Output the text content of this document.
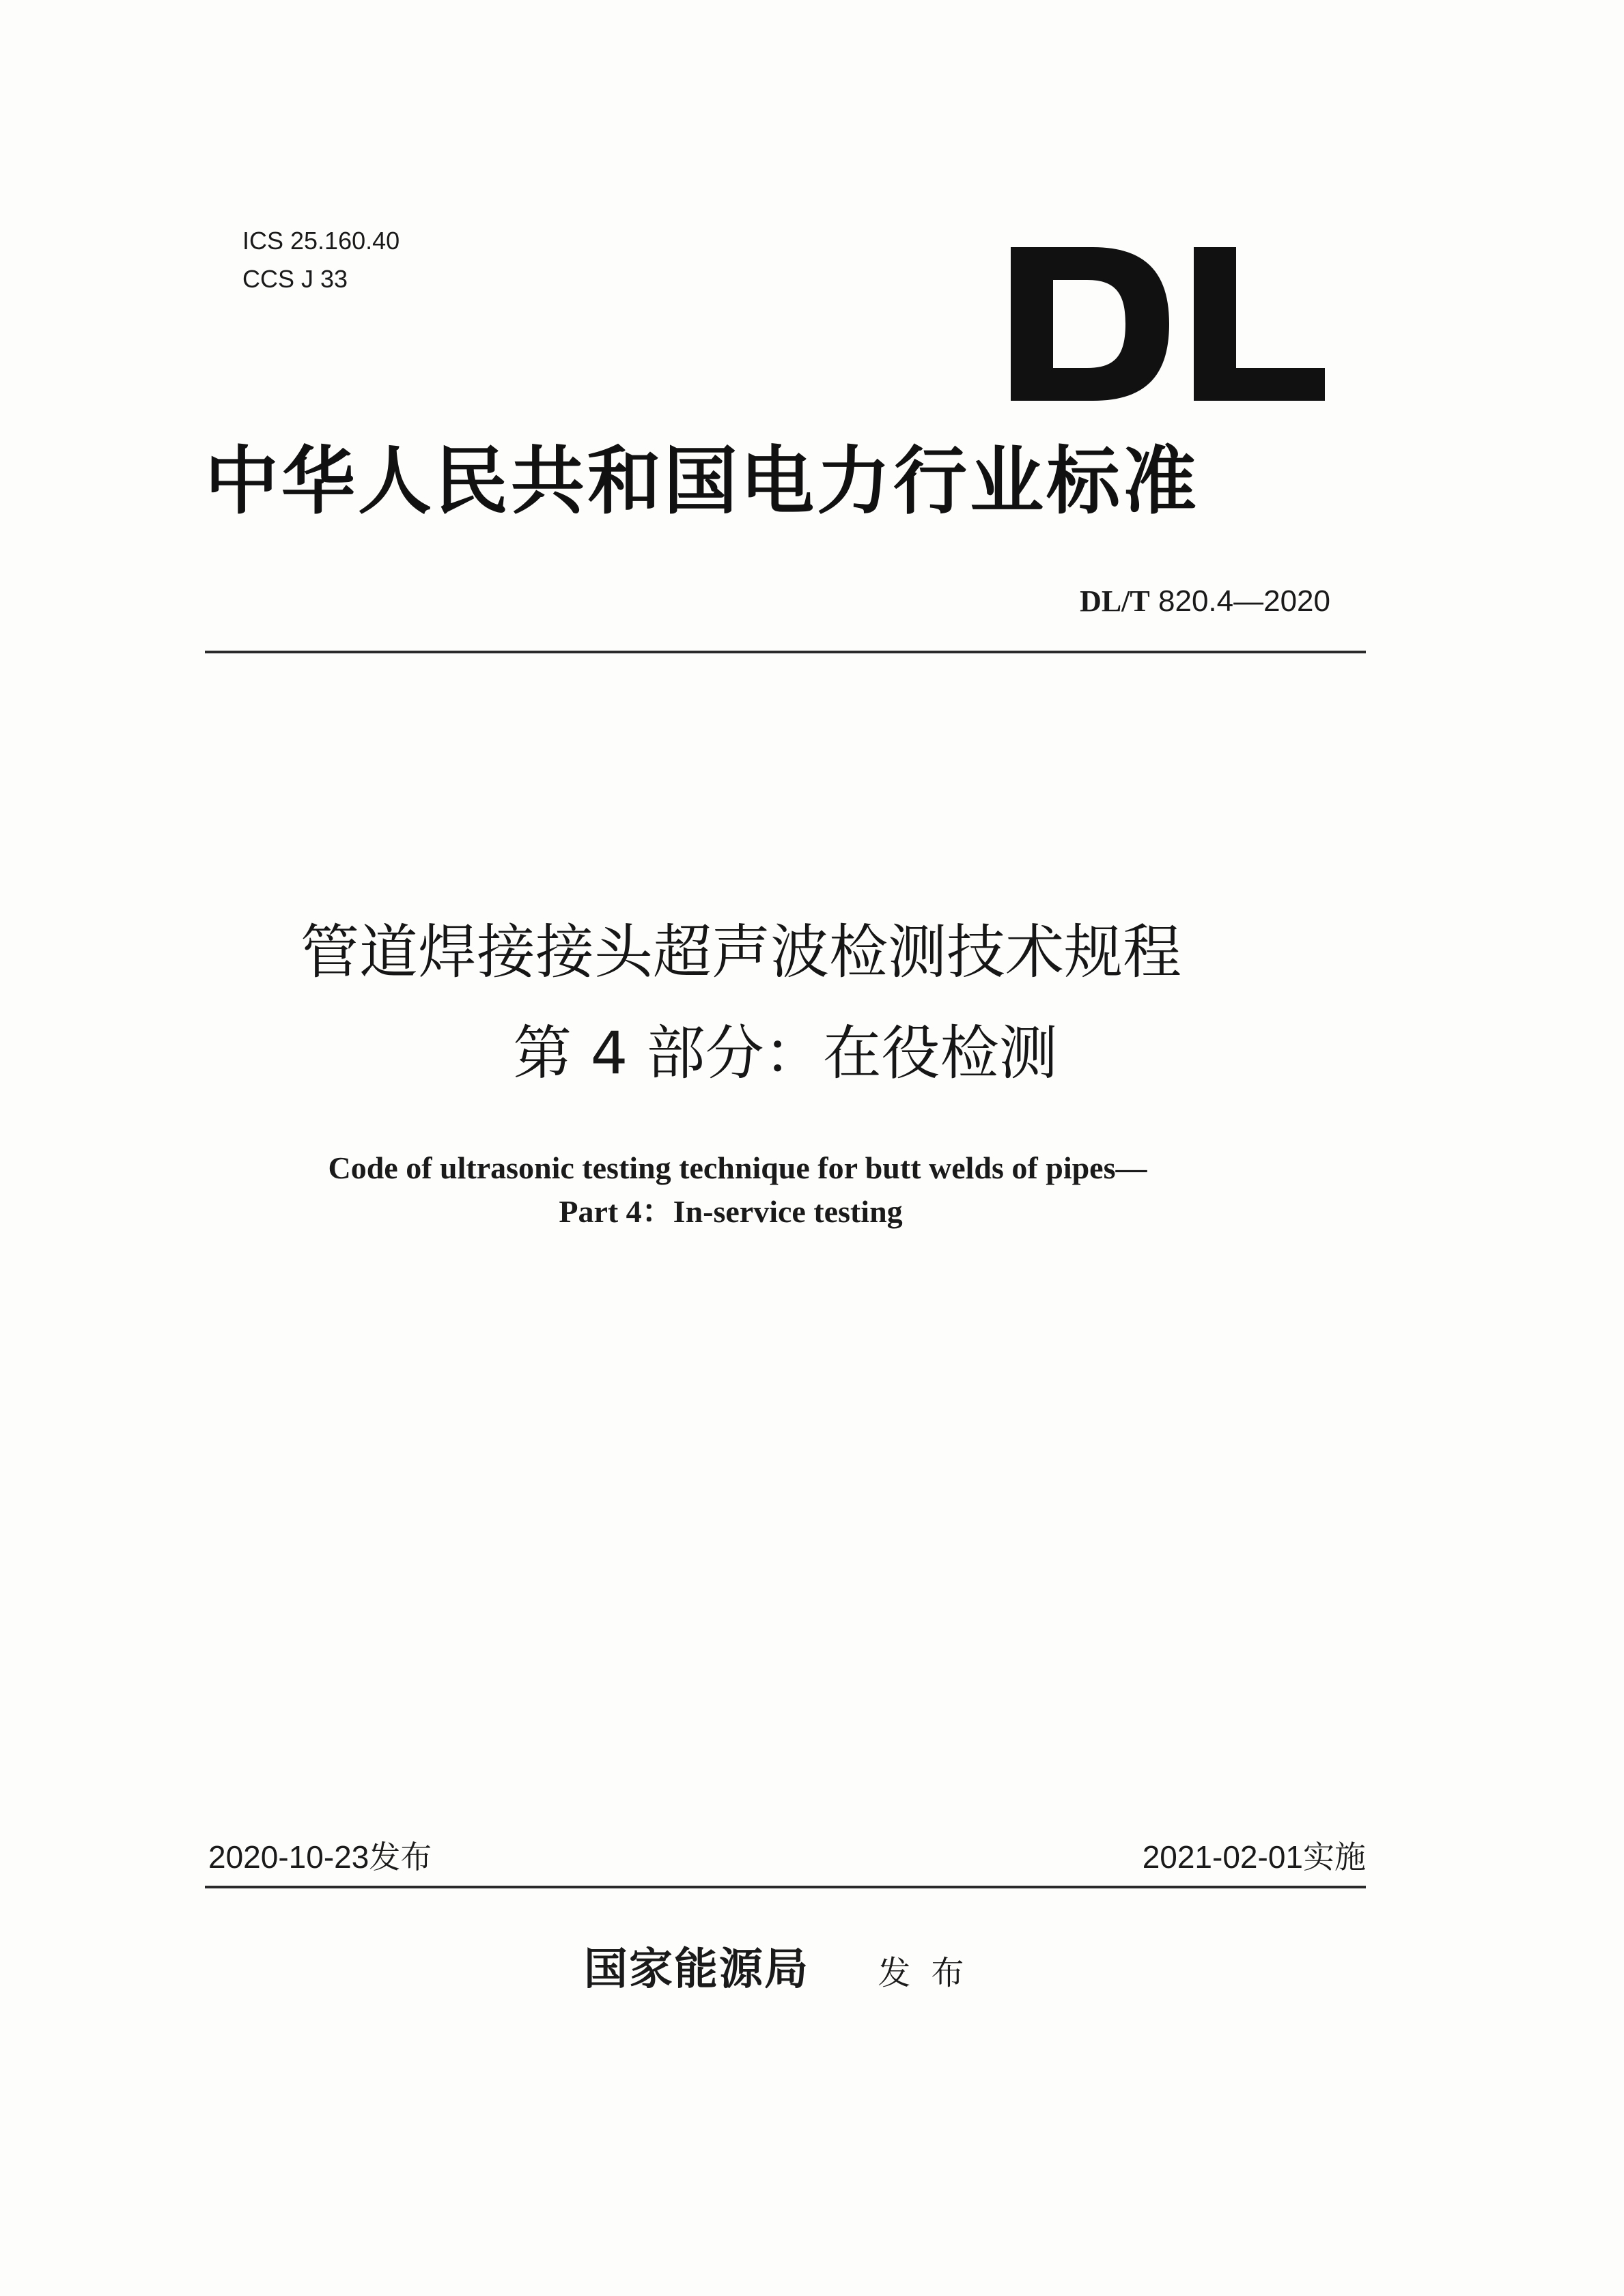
ICS 25.160.40
CCS J 33
中华人民共和国电力行业标准
DL/T 820.4—2020
管道焊接接头超声波检测技术规程
第 4 部分：在役检测
Code of ultrasonic testing technique for butt welds of pipes—
Part 4：In-service testing
2020-10-23发布	2021-02-01实施
国家能源局 发布
